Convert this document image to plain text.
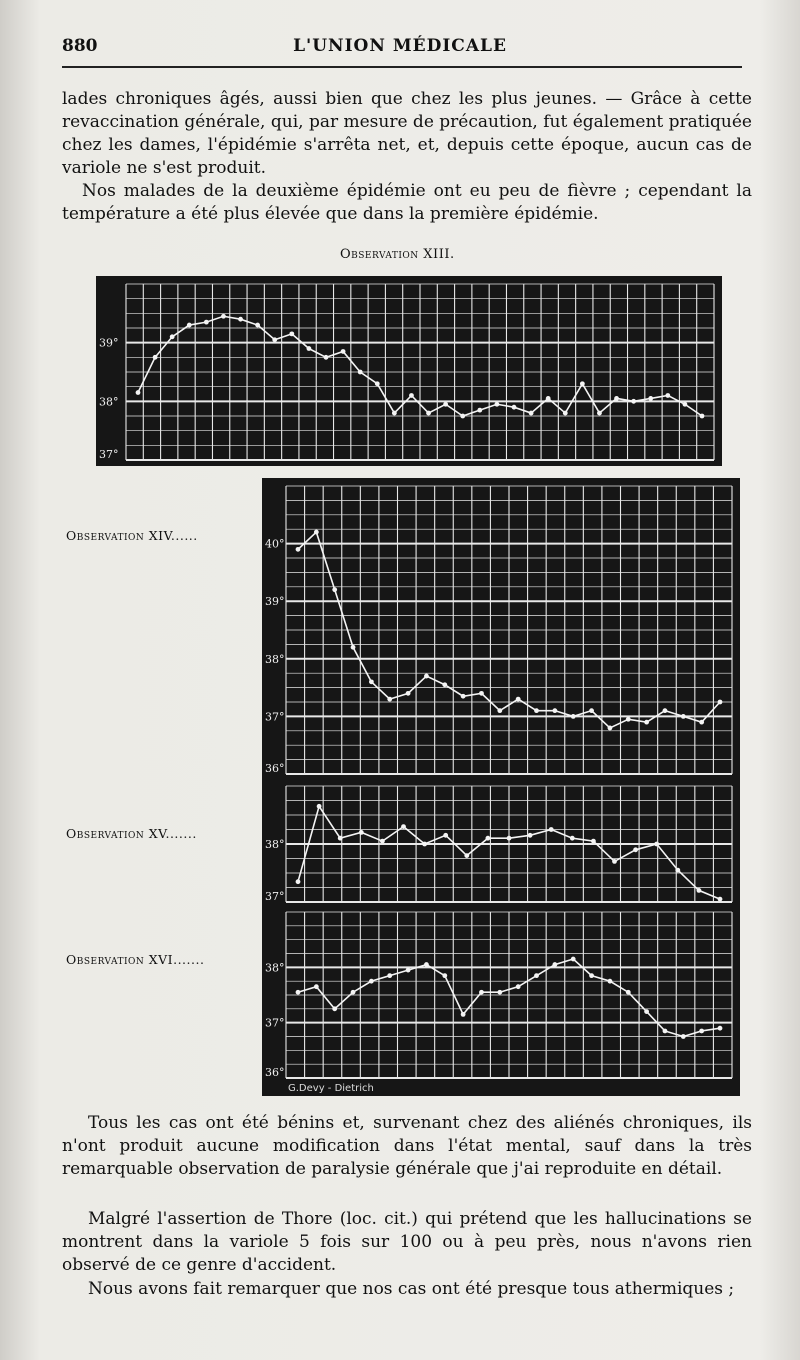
880	L'UNION MÉDICALE

lades chroniques âgés, aussi bien que chez les plus jeunes. — Grâce à cette revaccination générale, qui, par mesure de précaution, fut également pratiquée chez les dames, l'épidémie s'arrêta net, et, depuis cette époque, aucun cas de variole ne s'est produit.

Nos malades de la deuxième épidémie ont eu peu de fièvre ; cependant la température a été plus élevée que dans la première épidémie.

Observation XIII.
Observation XIV......
Observation XV.......
Observation XVI.......
39°
38°
37°
40°
39°
38°
37°
36°
38°
37°
38°
37°
36°
G.Devy - Dietrich

Tous les cas ont été bénins et, survenant chez des aliénés chroniques, ils n'ont produit aucune modification dans l'état mental, sauf dans la très remarquable observation de paralysie générale que j'ai reproduite en détail.

Malgré l'assertion de Thore (loc. cit.) qui prétend que les hallucinations se montrent dans la variole 5 fois sur 100 ou à peu près, nous n'avons rien observé de ce genre d'accident.

Nous avons fait remarquer que nos cas ont été presque tous athermiques ;
